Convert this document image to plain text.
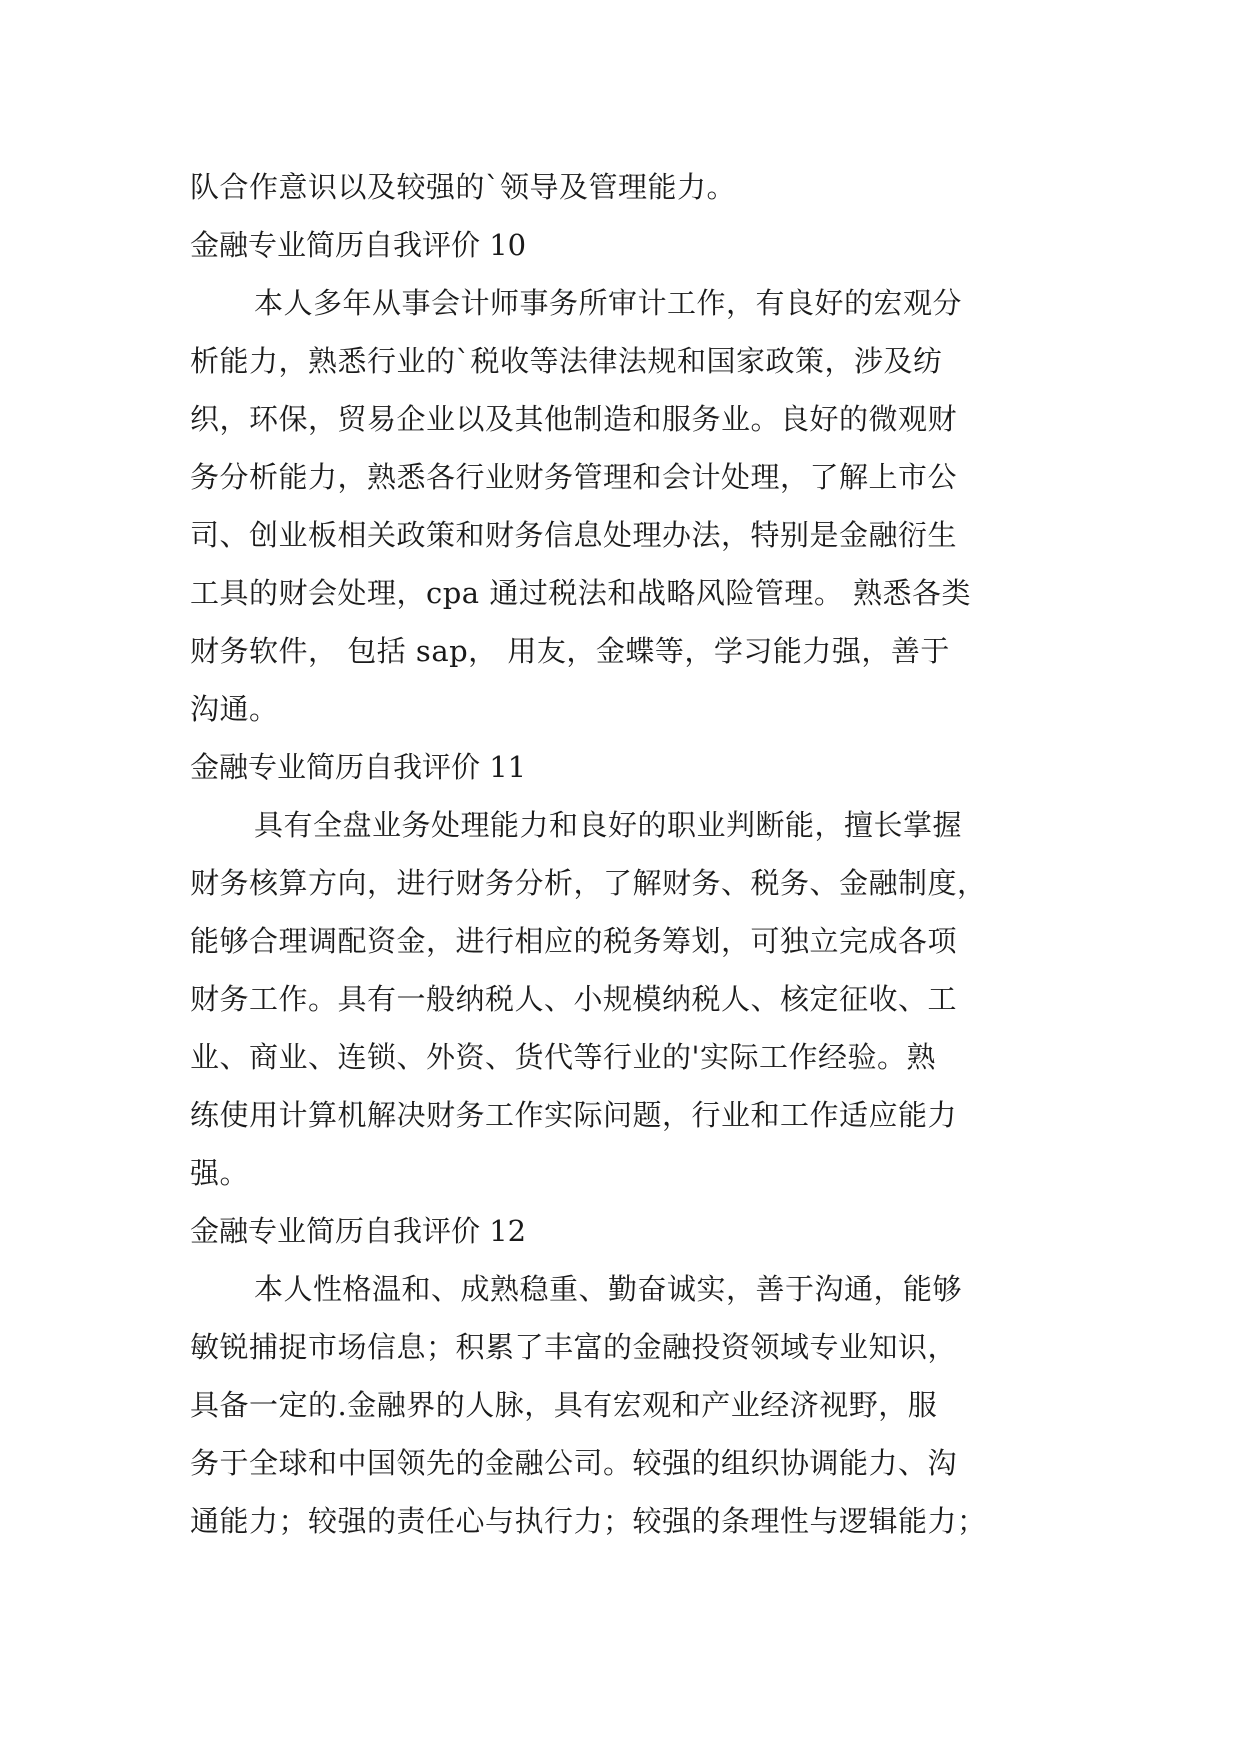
队合作意识以及较强的`领导及管理能力。
金融专业简历自我评价 10
本人多年从事会计师事务所审计工作，有良好的宏观分
析能力，熟悉行业的`税收等法律法规和国家政策，涉及纺
织，环保，贸易企业以及其他制造和服务业。良好的微观财
务分析能力，熟悉各行业财务管理和会计处理，了解上市公
司、创业板相关政策和财务信息处理办法，特别是金融衍生
工具的财会处理，cpa 通过税法和战略风险管理。 熟悉各类
财务软件， 包括 sap， 用友，金蝶等，学习能力强，善于
沟通。
金融专业简历自我评价 11
具有全盘业务处理能力和良好的职业判断能，擅长掌握
财务核算方向，进行财务分析，了解财务、税务、金融制度，
能够合理调配资金，进行相应的税务筹划，可独立完成各项
财务工作。具有一般纳税人、小规模纳税人、核定征收、工
业、商业、连锁、外资、货代等行业的'实际工作经验。熟
练使用计算机解决财务工作实际问题，行业和工作适应能力
强。
金融专业简历自我评价 12
本人性格温和、成熟稳重、勤奋诚实，善于沟通，能够
敏锐捕捉市场信息；积累了丰富的金融投资领域专业知识，
具备一定的.金融界的人脉，具有宏观和产业经济视野，服
务于全球和中国领先的金融公司。较强的组织协调能力、沟
通能力；较强的责任心与执行力；较强的条理性与逻辑能力；
